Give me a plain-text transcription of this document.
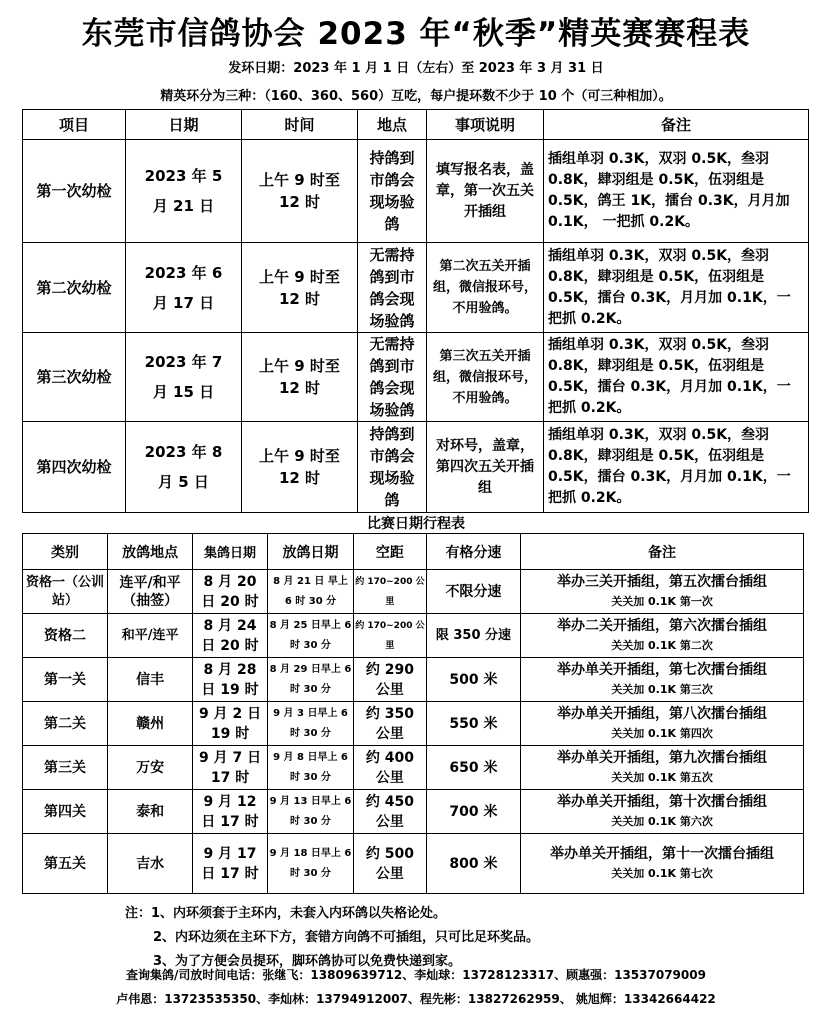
东莞市信鸽协会 2023 年“秋季”精英赛赛程表
发环日期：2023 年 1 月 1 日（左右）至 2023 年 3 月 31 日
精英环分为三种：（160、360、560）互吃，每户提环数不少于 10 个（可三种相加）。
项目	日期	时间	地点	事项说明	备注
第一次幼检	2023 年 5 月 21 日	上午 9 时至 12 时	持鸽到市鸽会现场验鸽	填写报名表，盖章，第一次五关开插组	插组单羽 0.3K，双羽 0.5K，叁羽 0.8K，肆羽组是 0.5K，伍羽组是 0.5K，鸽王 1K，擂台 0.3K，月月加 0.1K， 一把抓 0.2K。
第二次幼检	2023 年 6 月 17 日	上午 9 时至 12 时	无需持鸽到市鸽会现场验鸽	第二次五关开插组，微信报环号，不用验鸽。	插组单羽 0.3K，双羽 0.5K，叁羽 0.8K，肆羽组是 0.5K，伍羽组是 0.5K，擂台 0.3K，月月加 0.1K，一把抓 0.2K。
第三次幼检	2023 年 7 月 15 日	上午 9 时至 12 时	无需持鸽到市鸽会现场验鸽	第三次五关开插组，微信报环号，不用验鸽。	插组单羽 0.3K，双羽 0.5K，叁羽 0.8K，肆羽组是 0.5K，伍羽组是 0.5K，擂台 0.3K，月月加 0.1K，一把抓 0.2K。
第四次幼检	2023 年 8 月 5 日	上午 9 时至 12 时	持鸽到市鸽会现场验鸽	对环号，盖章，第四次五关开插组	插组单羽 0.3K，双羽 0.5K，叁羽 0.8K，肆羽组是 0.5K，伍羽组是 0.5K，擂台 0.3K，月月加 0.1K，一把抓 0.2K。
比赛日期行程表
类别	放鸽地点	集鸽日期	放鸽日期	空距	有格分速	备注
资格一（公训站）	连平/和平（抽签）	8 月 20 日 20 时	8 月 21 日 早上 6 时 30 分	约 170~200 公里	不限分速	举办三关开插组，第五次擂台插组
关关加 0.1K 第一次

资格二	和平/连平	8 月 24 日 20 时	8 月 25 日早上 6 时 30 分	约 170~200 公里	限 350 分速	举办二关开插组，第六次擂台插组
关关加 0.1K 第二次

第一关	信丰	8 月 28 日 19 时	8 月 29 日早上 6 时 30 分	约 290 公里	500 米	举办单关开插组，第七次擂台插组
关关加 0.1K 第三次

第二关	赣州	9 月 2 日 19 时	9 月 3 日早上 6 时 30 分	约 350 公里	550 米	举办单关开插组，第八次擂台插组
关关加 0.1K 第四次

第三关	万安	9 月 7 日 17 时	9 月 8 日早上 6 时 30 分	约 400 公里	650 米	举办单关开插组，第九次擂台插组
关关加 0.1K 第五次

第四关	泰和	9 月 12 日 17 时	9 月 13 日早上 6 时 30 分	约 450 公里	700 米	举办单关开插组，第十次擂台插组
关关加 0.1K 第六次

第五关	吉水	9 月 17 日 17 时	9 月 18 日早上 6 时 30 分	约 500 公里	800 米	举办单关开插组，第十一次擂台插组
关关加 0.1K 第七次
注：1、内环须套于主环内，未套入内环鸽以失格论处。
2、内环边须在主环下方，套错方向鸽不可插组，只可比足环奖品。
3、为了方便会员提环，脚环鸽协可以免费快递到家。
查询集鸽/司放时间电话：张继飞：13809639712、李灿球：13728123317、顾惠强：13537079009
卢伟恩：13723535350、李灿林：13794912007、程先彬：13827262959、 姚旭辉：13342664422
